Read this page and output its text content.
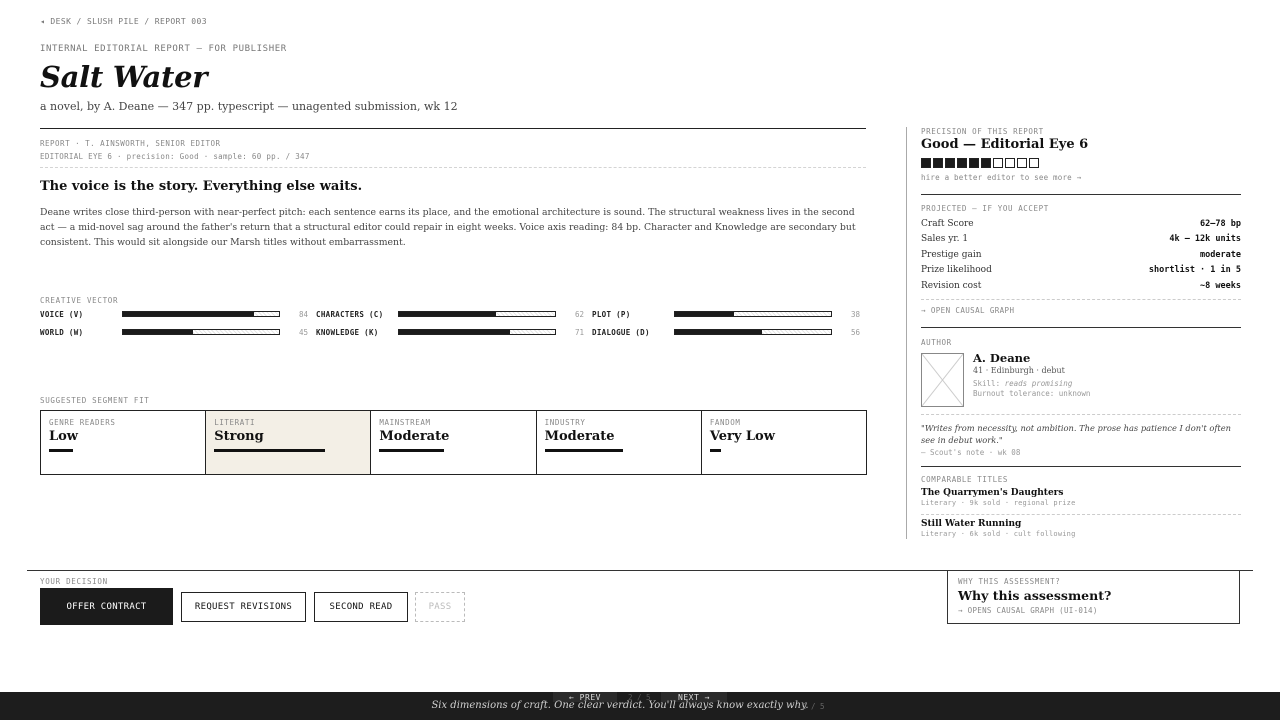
◂ DESK / SLUSH PILE / REPORT 003
INTERNAL EDITORIAL REPORT — FOR PUBLISHER
Salt Water
a novel, by A. Deane — 347 pp. typescript — unagented submission, wk 12
REPORT · T. AINSWORTH, SENIOR EDITOR
EDITORIAL EYE 6 · precision: Good · sample: 60 pp. / 347
The voice is the story. Everything else waits.
Deane writes close third-person with near-perfect pitch: each sentence earns its place, and the emotional architecture is sound. The structural weakness lives in the second act — a mid-novel sag around the father's return that a structural editor could repair in eight weeks. Voice axis reading: 84 bp. Character and Knowledge are secondary but consistent. This would sit alongside our Marsh titles without embarrassment.
CREATIVE VECTOR
VOICE (V)	84 CHARACTERS (C)	62 PLOT (P)	38
WORLD (W)	45 KNOWLEDGE (K)	71 DIALOGUE (D)	56
SUGGESTED SEGMENT FIT
GENRE READERS
Low
LITERATI
Strong
MAINSTREAM
Moderate
INDUSTRY
Moderate
FANDOM
Very Low
PRECISION OF THIS REPORT
Good — Editorial Eye 6
hire a better editor to see more →
PROJECTED — IF YOU ACCEPT
Craft Score	62–78 bp
Sales yr. 1	4k – 12k units
Prestige gain	moderate
Prize likelihood	shortlist · 1 in 5
Revision cost	~8 weeks
→ OPEN CAUSAL GRAPH
AUTHOR
A. Deane
41 · Edinburgh · debut
Skill: reads promising
Burnout tolerance: unknown
"Writes from necessity, not ambition. The prose has patience I don't often see in debut work."
— Scout's note · wk 08
COMPARABLE TITLES
The Quarrymen's Daughters
Literary · 9k sold · regional prize
Still Water Running
Literary · 6k sold · cult following
YOUR DECISION
OFFER CONTRACT	REQUEST REVISIONS	SECOND READ	PASS
WHY THIS ASSESSMENT?
Why this assessment?
→ OPENS CAUSAL GRAPH (UI-014)
← PREV	2 / 5	NEXT →
Six dimensions of craft. One clear verdict. You'll always know exactly why.
2 / 5
